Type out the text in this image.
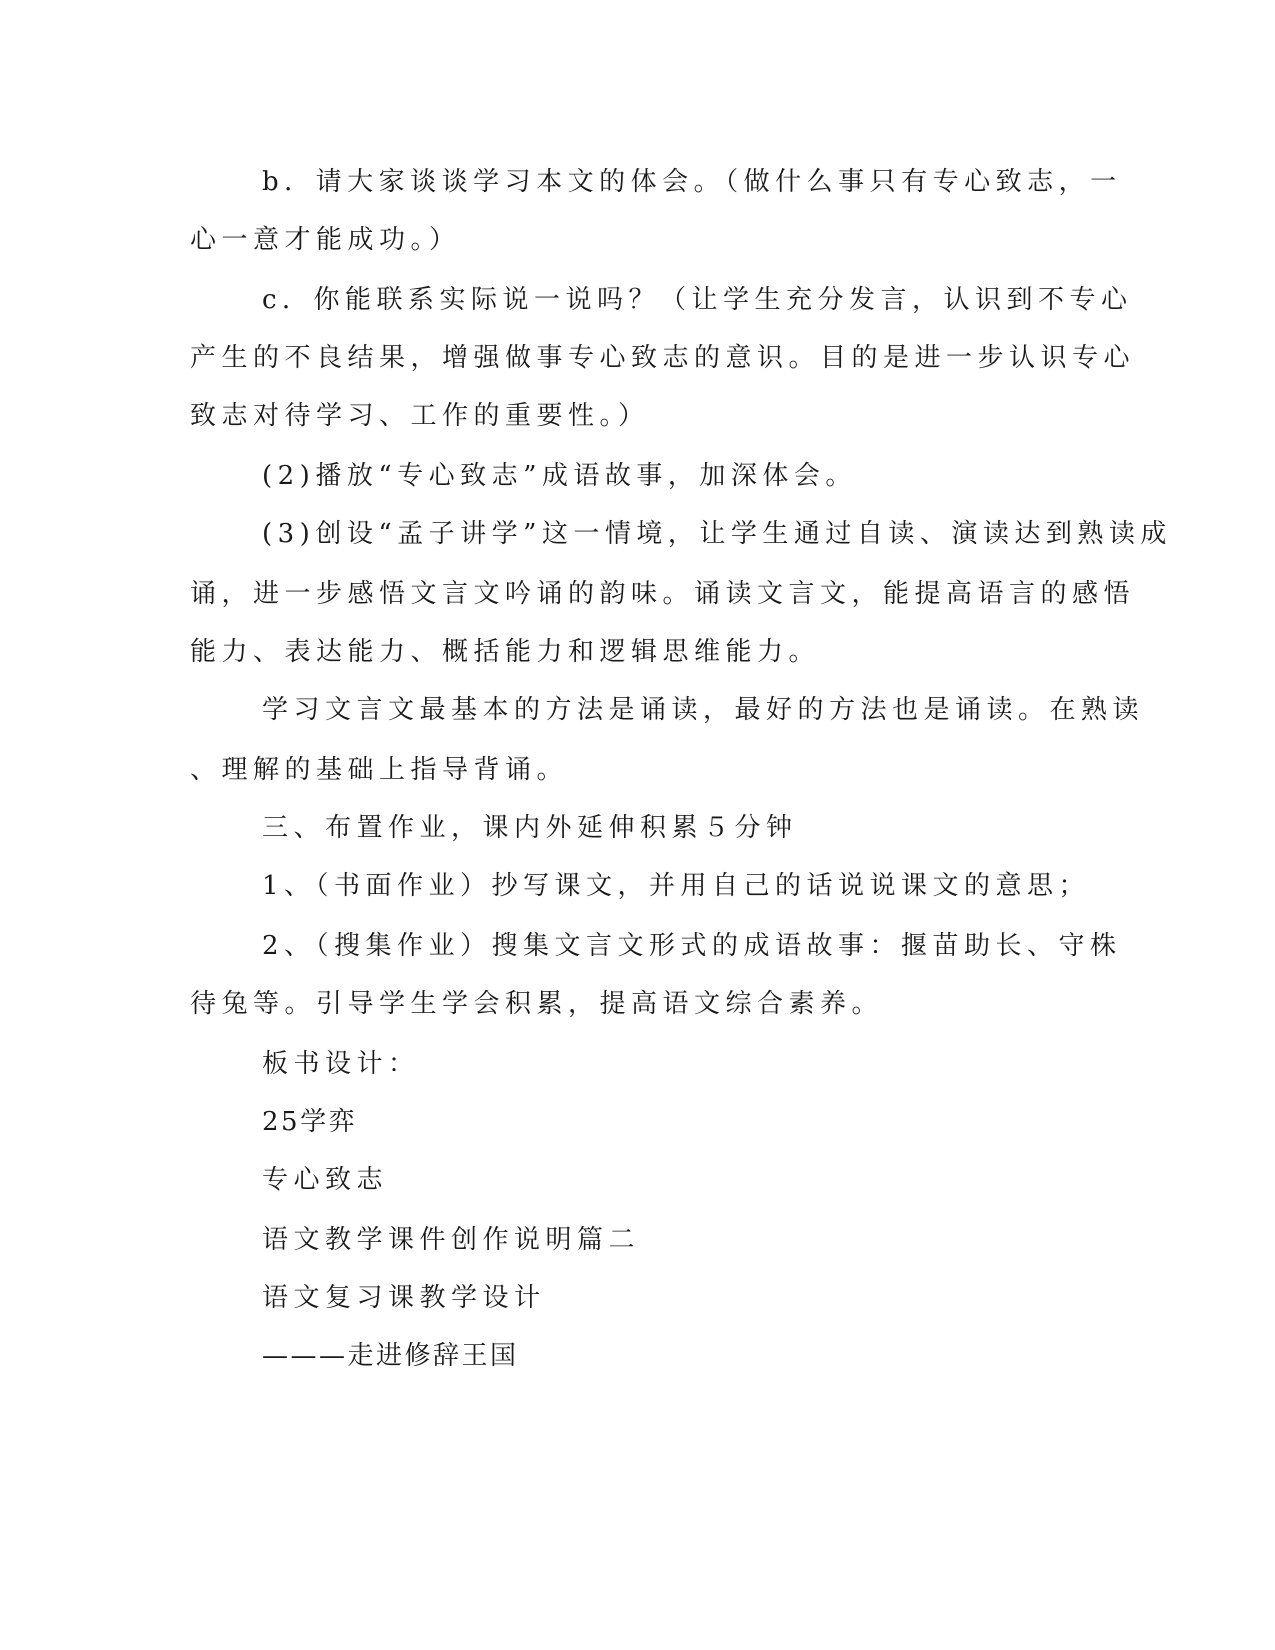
b．请大家谈谈学习本文的体会。（做什么事只有专心致志，一
心一意才能成功。）
c．你能联系实际说一说吗？（让学生充分发言，认识到不专心
产生的不良结果，增强做事专心致志的意识。目的是进一步认识专心
致志对待学习、工作的重要性。）
(2)播放“专心致志”成语故事，加深体会。
(3)创设“孟子讲学”这一情境，让学生通过自读、演读达到熟读成
诵，进一步感悟文言文吟诵的韵味。诵读文言文，能提高语言的感悟
能力、表达能力、概括能力和逻辑思维能力。
学习文言文最基本的方法是诵读，最好的方法也是诵读。在熟读
、理解的基础上指导背诵。
三、布置作业，课内外延伸积累５分钟
1、（书面作业）抄写课文，并用自己的话说说课文的意思；
2、（搜集作业）搜集文言文形式的成语故事：揠苗助长、守株
待兔等。引导学生学会积累，提高语文综合素养。
板书设计：
25学弈
专心致志
语文教学课件创作说明篇二
语文复习课教学设计
———走进修辞王国
